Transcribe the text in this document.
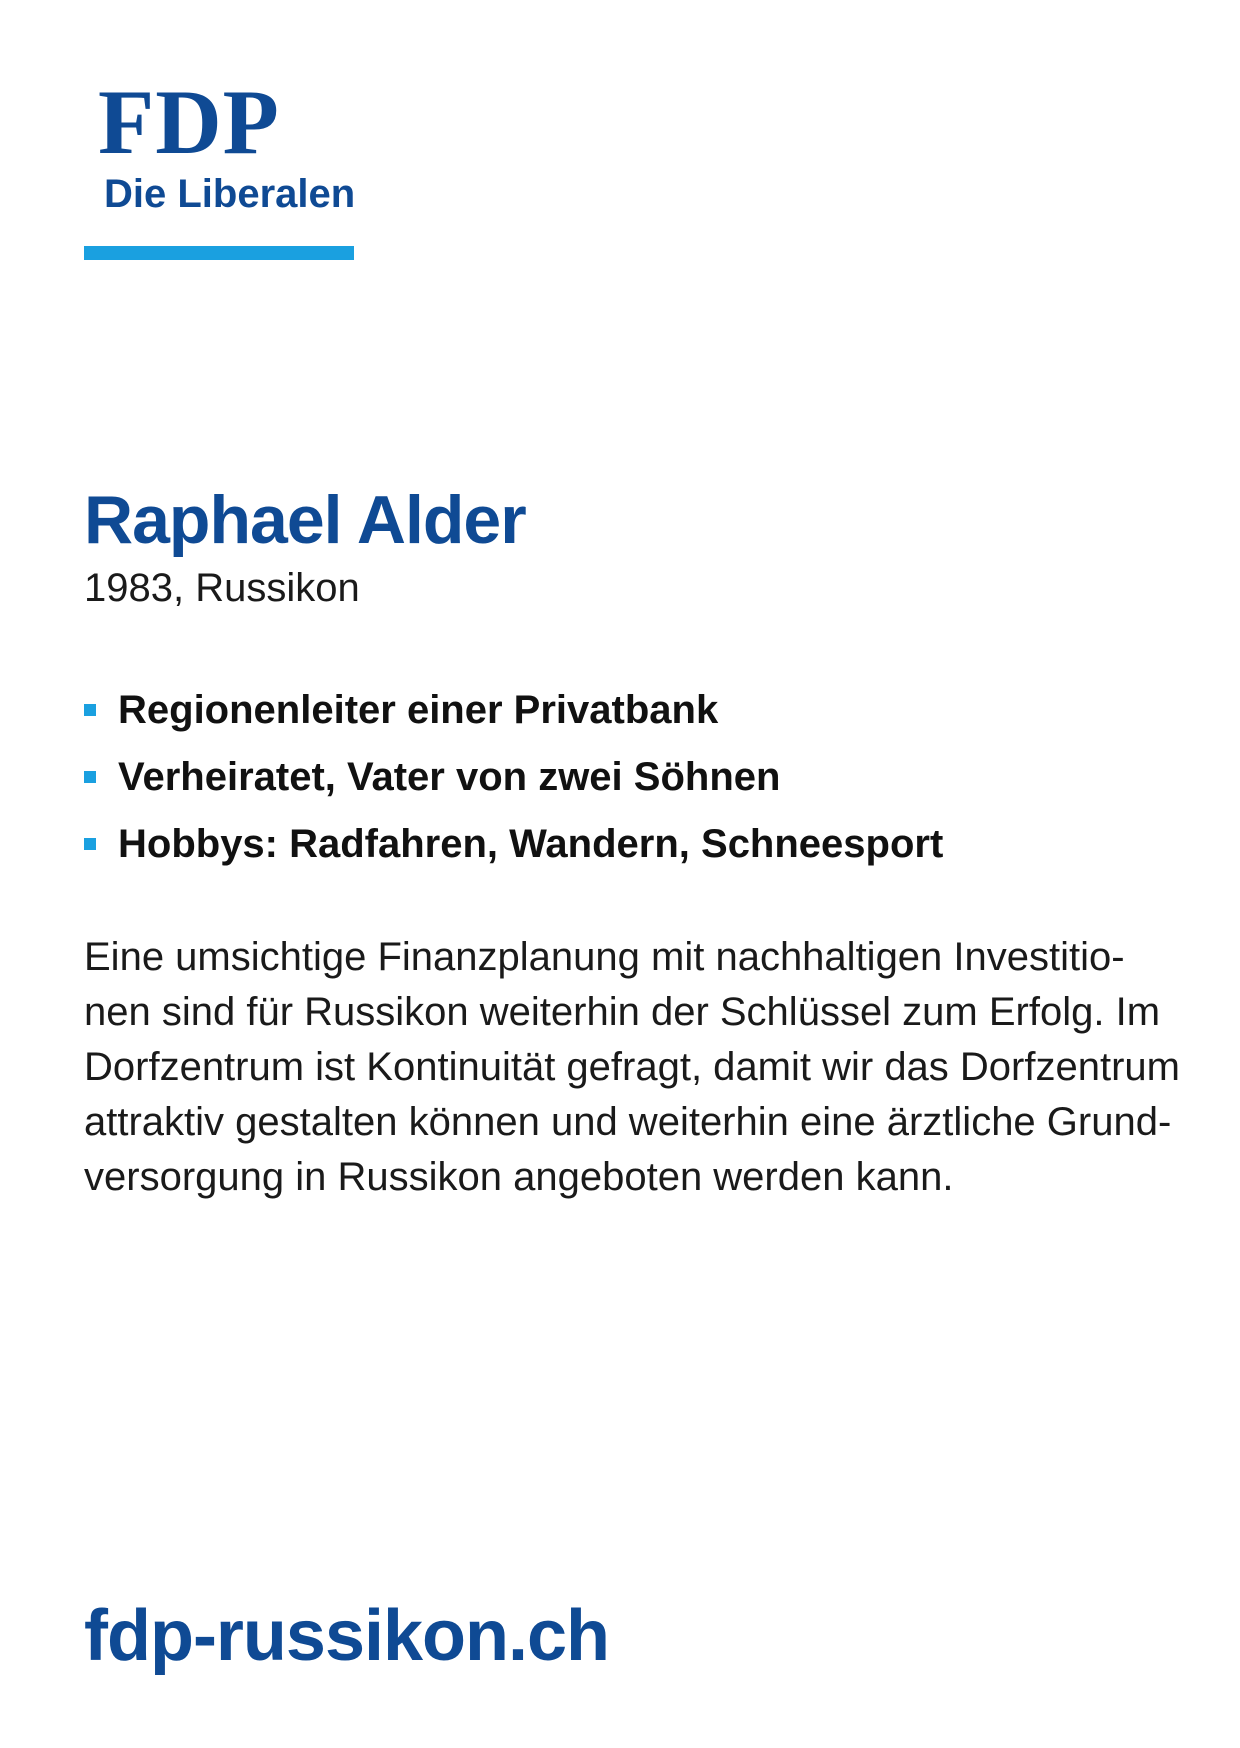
FDP
Die Liberalen
Raphael Alder
1983, Russikon
Regionenleiter einer Privatbank
Verheiratet, Vater von zwei Söhnen
Hobbys: Radfahren, Wandern, Schneesport
Eine umsichtige Finanzplanung mit nachhaltigen Investitio-
nen sind für Russikon weiterhin der Schlüssel zum Erfolg. Im
Dorfzentrum ist Kontinuität gefragt, damit wir das Dorfzentrum
attraktiv gestalten können und weiterhin eine ärztliche Grund-
versorgung in Russikon angeboten werden kann.
fdp-russikon.ch
